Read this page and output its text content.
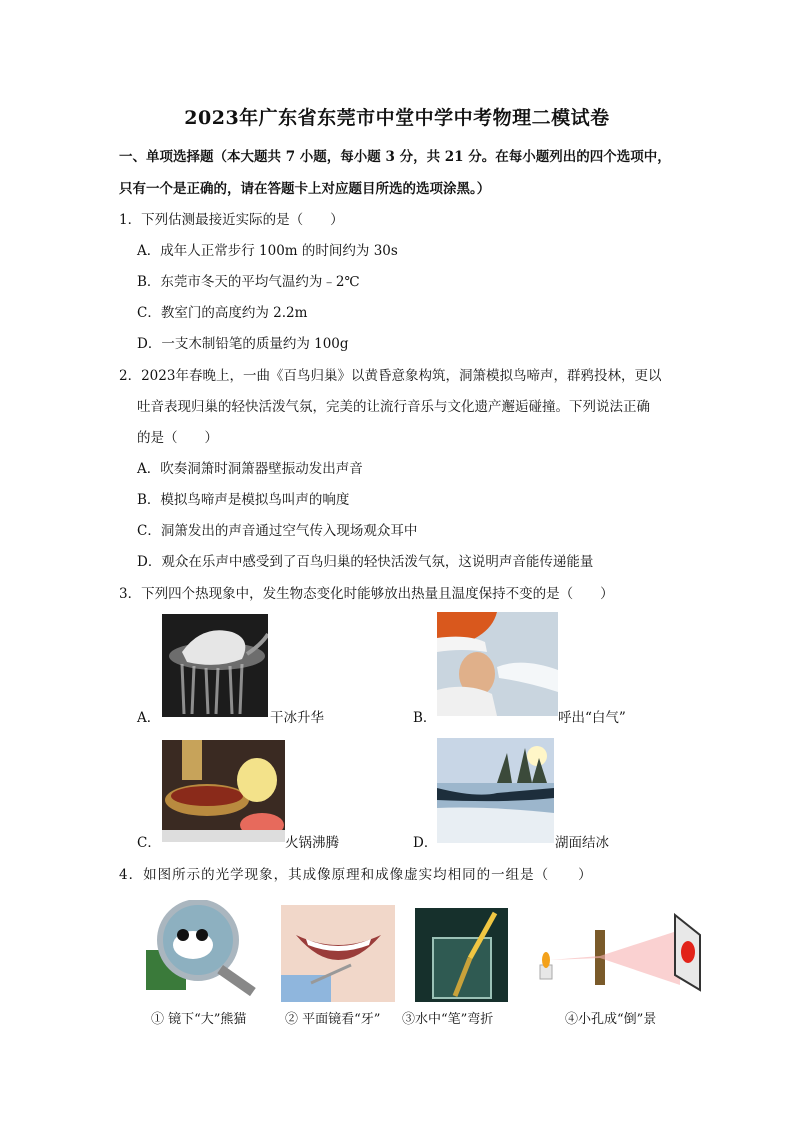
2023年广东省东莞市中堂中学中考物理二模试卷
一、单项选择题（本大题共 7 小题，每小题 3 分，共 21 分。在每小题列出的四个选项中，
只有一个是正确的，请在答题卡上对应题目所选的选项涂黑。）
1．下列估测最接近实际的是（　　）
A．成年人正常步行 100m 的时间约为 30s
B．东莞市冬天的平均气温约为﹣2℃
C．教室门的高度约为 2.2m
D．一支木制铅笔的质量约为 100g
2．2023年春晚上，一曲《百鸟归巢》以黄昏意象构筑，洞箫模拟鸟啼声，群鸦投林，更以
吐音表现归巢的轻快活泼气氛，完美的让流行音乐与文化遗产邂逅碰撞。下列说法正确
的是（　　）
A．吹奏洞箫时洞箫器壁振动发出声音
B．模拟鸟啼声是模拟鸟叫声的响度
C．洞箫发出的声音通过空气传入现场观众耳中
D．观众在乐声中感受到了百鸟归巢的轻快活泼气氛，这说明声音能传递能量
3．下列四个热现象中，发生物态变化时能够放出热量且温度保持不变的是（　　）
A．	干冰升华	B．	呼出“白气”
C．	火锅沸腾	D．	湖面结冰
4．如图所示的光学现象，其成像原理和成像虚实均相同的一组是（　　）
① 镜下“大”熊猫	② 平面镜看“牙” ③水中“笔”弯折	④小孔成“倒”景
